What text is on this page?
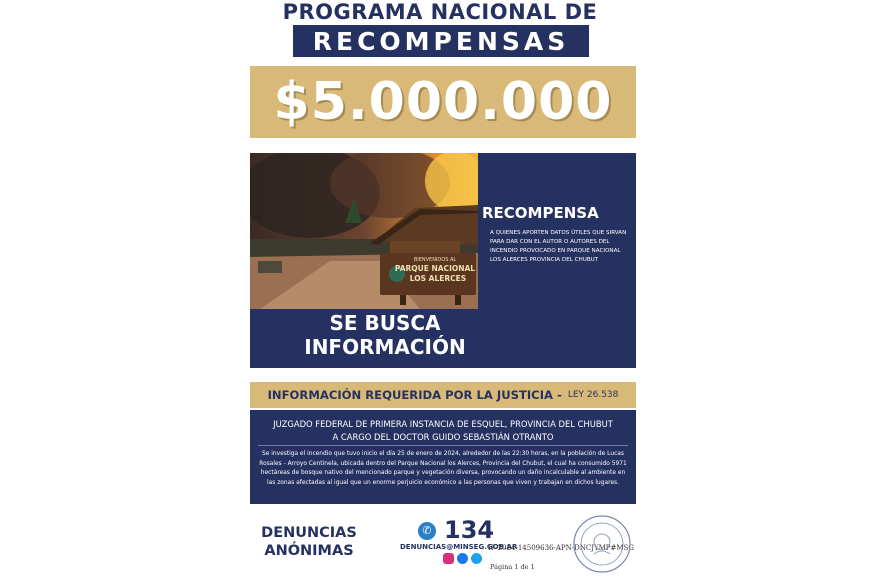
PROGRAMA NACIONAL DE
RECOMPENSAS
$5.000.000
BIENVENIDOS AL
PARQUE NACIONAL
LOS ALERCES
RECOMPENSA
A QUIENES APORTEN DATOS ÚTILES QUE SIRVAN PARA DAR CON EL AUTOR O AUTORES DEL INCENDIO PROVOCADO EN PARQUE NACIONAL LOS ALERCES PROVINCIA DEL CHUBUT
SE BUSCA
INFORMACIÓN
INFORMACIÓN REQUERIDA POR LA JUSTICIA - LEY 26.538
JUZGADO FEDERAL DE PRIMERA INSTANCIA DE ESQUEL, PROVINCIA DEL CHUBUT
A CARGO DEL DOCTOR GUIDO SEBASTIÁN OTRANTO
Se investiga el incendio que tuvo inicio el día 25 de enero de 2024, alrededor de las 22:30 horas, en la población de Lucas Rosales - Arroyo Centinela, ubicada dentro del Parque Nacional los Alerces, Provincia del Chubut, el cual ha consumido 5971 hectáreas de bosque nativo del mencionado parque y vegetación diversa, provocando un daño incalculable al ambiente en las zonas afectadas al igual que un enorme perjuicio económico a las personas que viven y trabajan en dichos lugares.
DENUNCIAS
ANÓNIMAS
✆ 134
DENUNCIAS@MINSEG.GOB.AR
IF-2024-14509636-APN-DNCJYMP#MSG
Página 1 de 1
